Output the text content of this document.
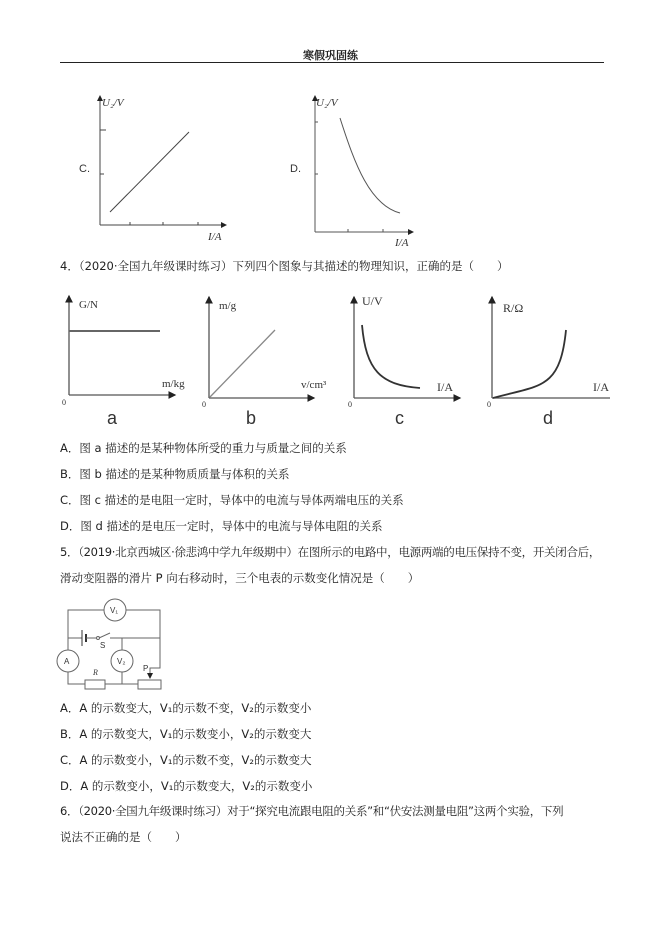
寒假巩固练
C.
U₂/V
I/A
D.
U₂/V
I/A
G/N
m/kg
0
m/g
v/cm³
0
U/V
I/A
0
R/Ω
I/A
0
a	b	c	d
V₁
A	V₂
S
R	P
4．（2020·全国九年级课时练习）下列四个图象与其描述的物理知识，正确的是（　　）
A．图 a 描述的是某种物体所受的重力与质量之间的关系
B．图 b 描述的是某种物质质量与体积的关系
C．图 c 描述的是电阻一定时，导体中的电流与导体两端电压的关系
D．图 d 描述的是电压一定时，导体中的电流与导体电阻的关系
5．（2019·北京西城区·徐悲鸿中学九年级期中）在图所示的电路中，电源两端的电压保持不变，开关闭合后，
滑动变阻器的滑片 P 向右移动时，三个电表的示数变化情况是（　　）
A．A 的示数变大，V₁的示数不变，V₂的示数变小
B．A 的示数变大，V₁的示数变小，V₂的示数变大
C．A 的示数变小，V₁的示数不变，V₂的示数变大
D．A 的示数变小，V₁的示数变大，V₂的示数变小
6．（2020·全国九年级课时练习）对于“探究电流跟电阻的关系”和“伏安法测量电阻”这两个实验，下列
说法不正确的是（　　）
